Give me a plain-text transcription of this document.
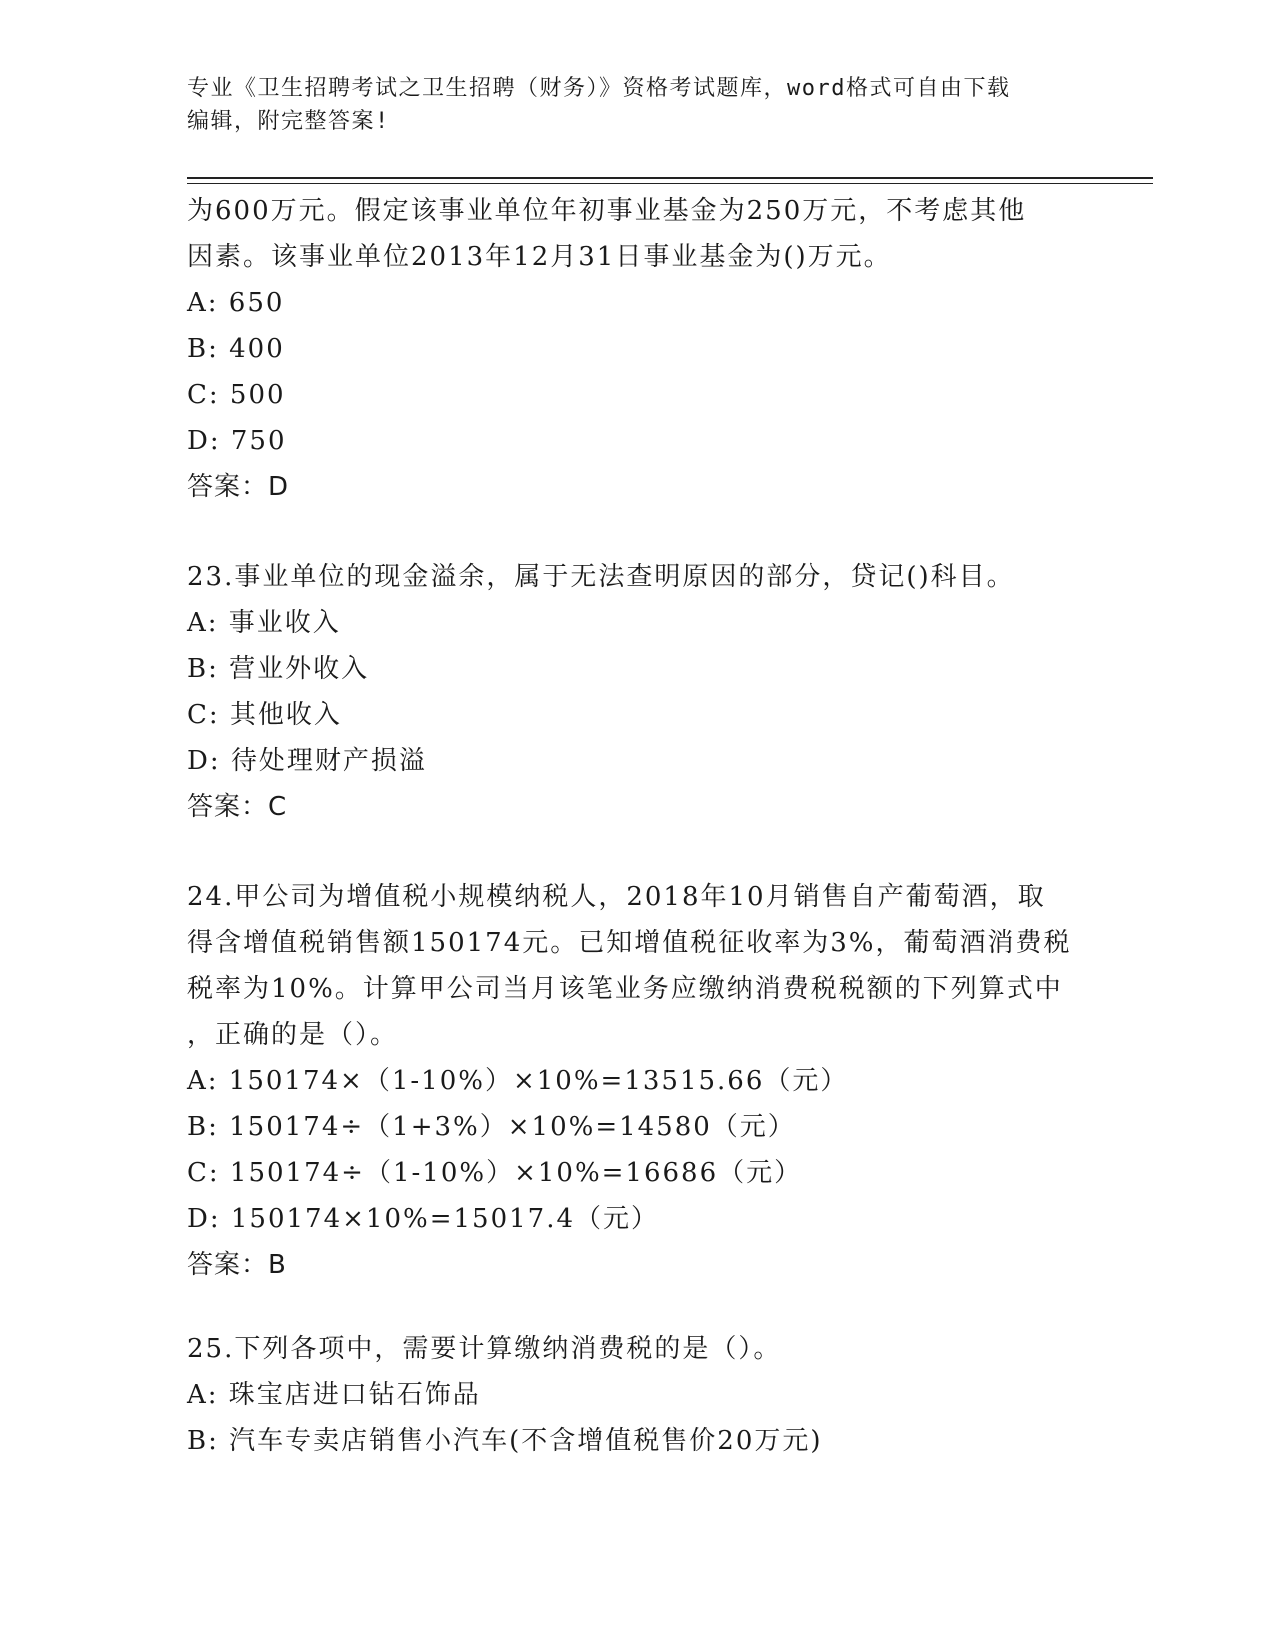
专业《卫生招聘考试之卫生招聘（财务）》资格考试题库，word格式可自由下载
编辑，附完整答案!
为600万元。假定该事业单位年初事业基金为250万元，不考虑其他
因素。该事业单位2013年12月31日事业基金为()万元。
A: 650
B: 400
C: 500
D: 750
答案：D
23.事业单位的现金溢余，属于无法查明原因的部分，贷记()科目。
A: 事业收入
B: 营业外收入
C: 其他收入
D: 待处理财产损溢
答案：C
24.甲公司为增值税小规模纳税人，2018年10月销售自产葡萄酒，取
得含增值税销售额150174元。已知增值税征收率为3%，葡萄酒消费税
税率为10%。计算甲公司当月该笔业务应缴纳消费税税额的下列算式中
，正确的是（）。
A: 150174×（1-10%）×10%=13515.66（元）
B: 150174÷（1+3%）×10%=14580（元）
C: 150174÷（1-10%）×10%=16686（元）
D: 150174×10%=15017.4（元）
答案：B
25.下列各项中，需要计算缴纳消费税的是（）。
A: 珠宝店进口钻石饰品
B: 汽车专卖店销售小汽车(不含增值税售价20万元)
